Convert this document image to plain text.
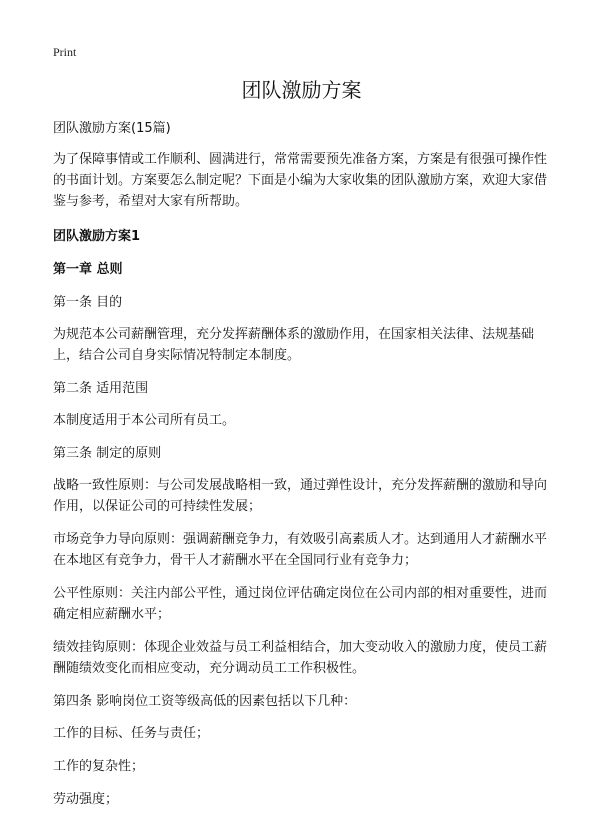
Print
团队激励方案

团队激励方案(15篇)

为了保障事情或工作顺利、圆满进行，常常需要预先准备方案，方案是有很强可操作性的书面计划。方案要怎么制定呢？下面是小编为大家收集的团队激励方案，欢迎大家借鉴与参考，希望对大家有所帮助。

团队激励方案1

第一章 总则

第一条 目的

为规范本公司薪酬管理，充分发挥薪酬体系的激励作用，在国家相关法律、法规基础上，结合公司自身实际情况特制定本制度。

第二条 适用范围

本制度适用于本公司所有员工。

第三条 制定的原则

战略一致性原则：与公司发展战略相一致，通过弹性设计，充分发挥薪酬的激励和导向作用，以保证公司的可持续性发展；

市场竞争力导向原则：强调薪酬竞争力，有效吸引高素质人才。达到通用人才薪酬水平在本地区有竞争力，骨干人才薪酬水平在全国同行业有竞争力；

公平性原则：关注内部公平性，通过岗位评估确定岗位在公司内部的相对重要性，进而确定相应薪酬水平；

绩效挂钩原则：体现企业效益与员工利益相结合，加大变动收入的激励力度，使员工薪酬随绩效变化而相应变动，充分调动员工工作积极性。

第四条 影响岗位工资等级高低的因素包括以下几种：

工作的目标、任务与责任；

工作的复杂性；

劳动强度；
